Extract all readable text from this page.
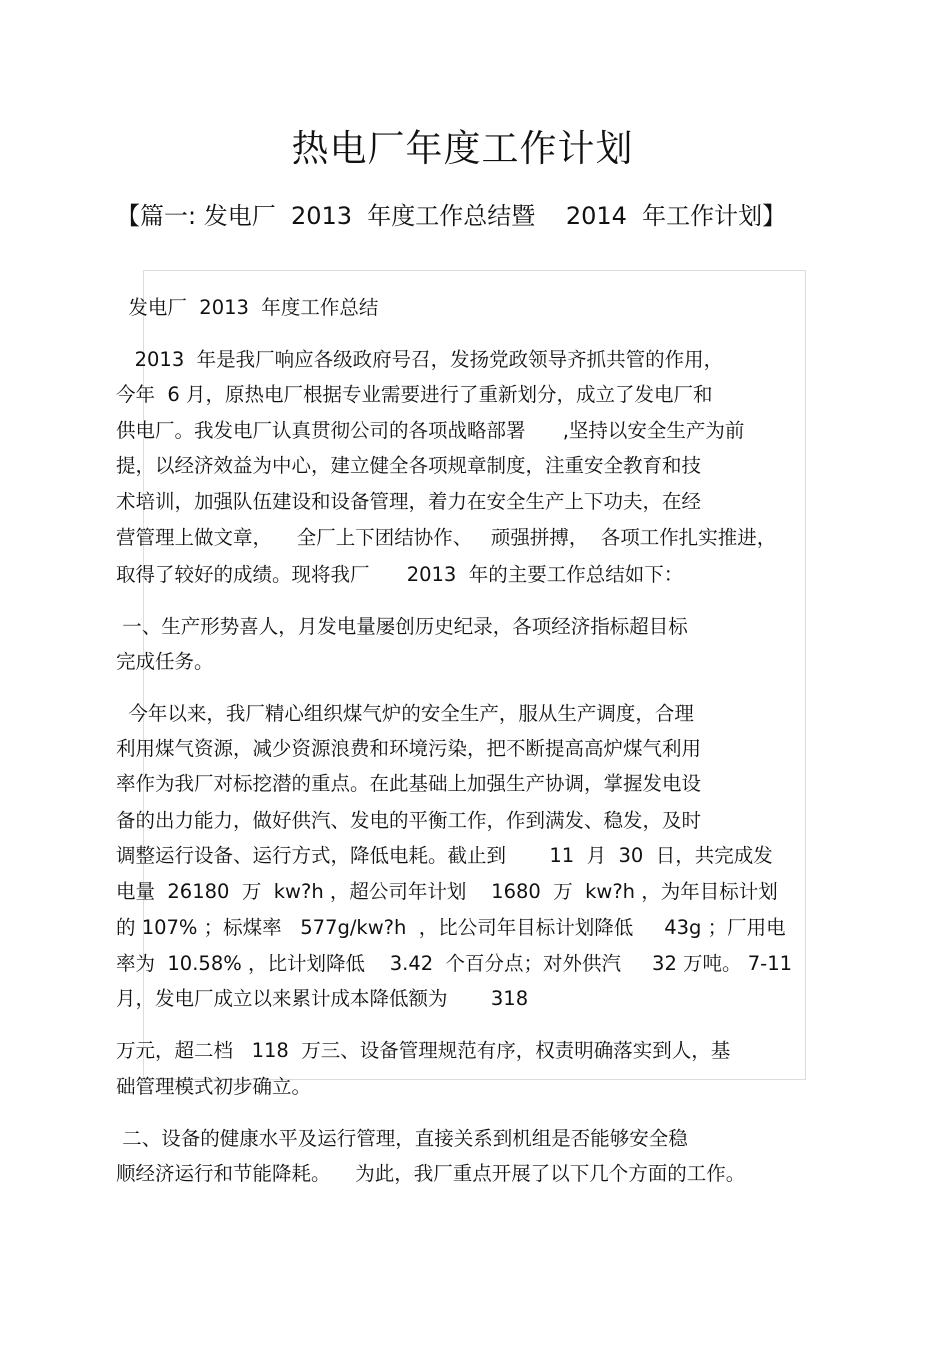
热电厂年度工作计划
【篇一: 发电厂  2013  年度工作总结暨    2014  年工作计划】
发电厂  2013  年度工作总结
2013  年是我厂响应各级政府号召，发扬党政领导齐抓共管的作用，
今年  6 月，原热电厂根据专业需要进行了重新划分，成立了发电厂和
供电厂。我发电厂认真贯彻公司的各项战略部署      ,坚持以安全生产为前
提，以经济效益为中心，建立健全各项规章制度，注重安全教育和技
术培训，加强队伍建设和设备管理，着力在安全生产上下功夫，在经
营管理上做文章，    全厂上下团结协作、   顽强拼搏，  各项工作扎实推进，
取得了较好的成绩。现将我厂      2013  年的主要工作总结如下：
一、生产形势喜人，月发电量屡创历史纪录，各项经济指标超目标
完成任务。
今年以来，我厂精心组织煤气炉的安全生产，服从生产调度，合理
利用煤气资源，减少资源浪费和环境污染，把不断提高高炉煤气利用
率作为我厂对标挖潜的重点。在此基础上加强生产协调，掌握发电设
备的出力能力，做好供汽、发电的平衡工作，作到满发、稳发，及时
调整运行设备、运行方式，降低电耗。截止到       11  月  30  日，共完成发
电量  26180  万  kw?h ，超公司年计划    1680  万  kw?h ，为年目标计划
的 107% ；标煤率   577g/kw?h  ，比公司年目标计划降低     43g ；厂用电
率为  10.58% ，比计划降低    3.42  个百分点；对外供汽     32 万吨。 7-11
月，发电厂成立以来累计成本降低额为       318
万元，超二档   118  万三、设备管理规范有序，权责明确落实到人，基
础管理模式初步确立。
二、设备的健康水平及运行管理，直接关系到机组是否能够安全稳
顺经济运行和节能降耗。    为此，我厂重点开展了以下几个方面的工作。
